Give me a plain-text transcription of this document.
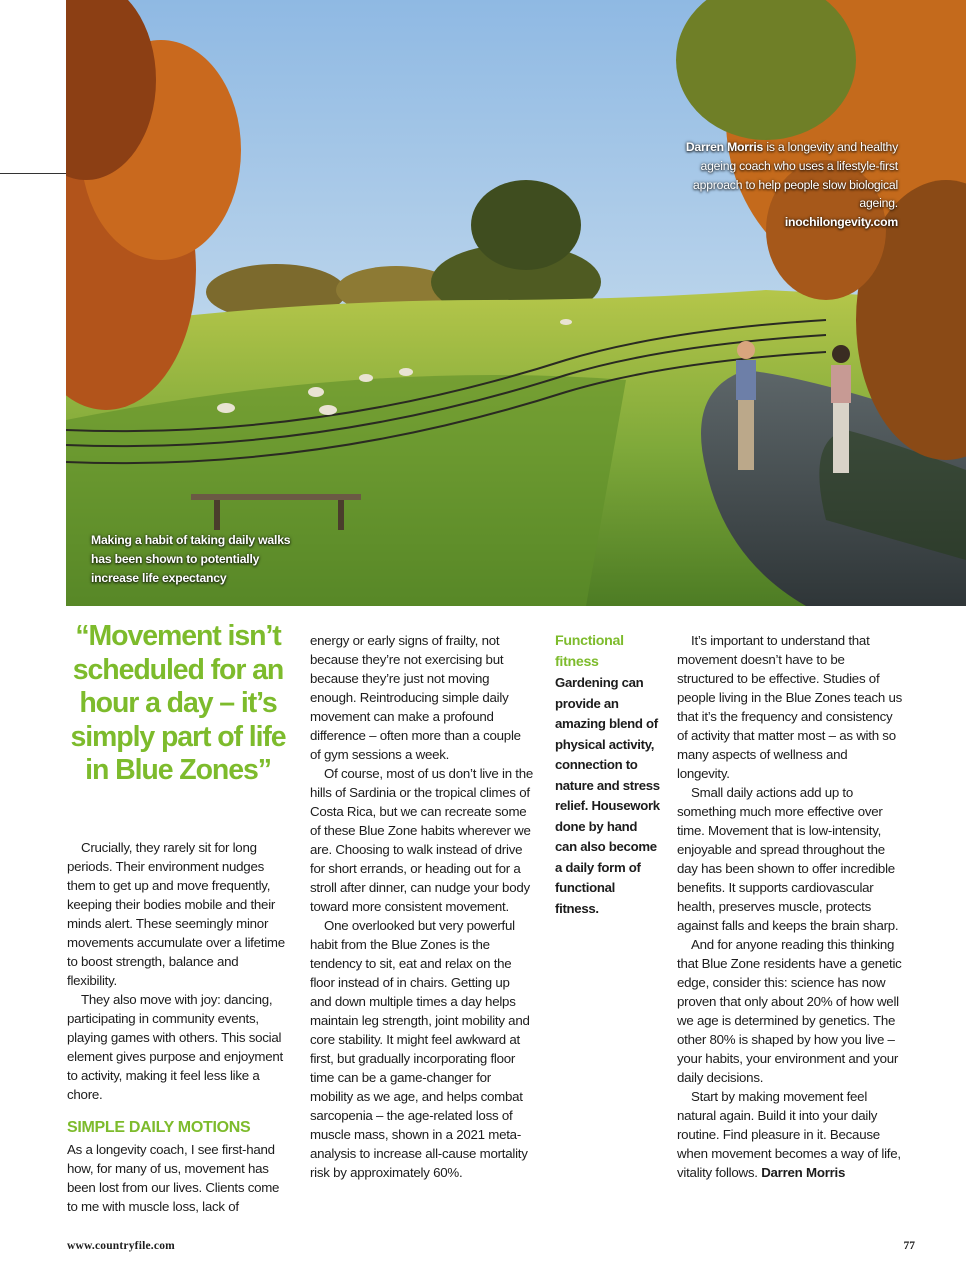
Darren Morris is a longevity and healthy ageing coach who uses a lifestyle-first approach to help people slow biological ageing.
inochilongevity.com
Making a habit of taking daily walks has been shown to potentially increase life expectancy
“Movement isn’t scheduled for an hour a day – it’s simply part of life in Blue Zones”

Crucially, they rarely sit for long periods. Their environment nudges them to get up and move frequently, keeping their bodies mobile and their minds alert. These seemingly minor movements accumulate over a lifetime to boost strength, balance and flexibility.

They also move with joy: dancing, participating in community events, playing games with others. This social element gives purpose and enjoyment to activity, making it feel less like a chore.

SIMPLE DAILY MOTIONS

As a longevity coach, I see first-hand how, for many of us, movement has been lost from our lives. Clients come to me with muscle loss, lack of

energy or early signs of frailty, not because they’re not exercising but because they’re just not moving enough. Reintroducing simple daily movement can make a profound difference – often more than a couple of gym sessions a week.

Of course, most of us don’t live in the hills of Sardinia or the tropical climes of Costa Rica, but we can recreate some of these Blue Zone habits wherever we are. Choosing to walk instead of drive for short errands, or heading out for a stroll after dinner, can nudge your body toward more consistent movement.

One overlooked but very powerful habit from the Blue Zones is the tendency to sit, eat and relax on the floor instead of in chairs. Getting up and down multiple times a day helps maintain leg strength, joint mobility and core stability. It might feel awkward at first, but gradually incorporating floor time can be a game-changer for mobility as we age, and helps combat sarcopenia – the age-related loss of muscle mass, shown in a 2021 meta-analysis to increase all-cause mortality risk by approximately 60%.

Functional fitness
Gardening can provide an amazing blend of physical activity, connection to nature and stress relief. Housework done by hand can also become a daily form of functional fitness.

It’s important to understand that movement doesn’t have to be structured to be effective. Studies of people living in the Blue Zones teach us that it’s the frequency and consistency of activity that matter most – as with so many aspects of wellness and longevity.

Small daily actions add up to something much more effective over time. Movement that is low-intensity, enjoyable and spread throughout the day has been shown to offer incredible benefits. It supports cardiovascular health, preserves muscle, protects against falls and keeps the brain sharp.

And for anyone reading this thinking that Blue Zone residents have a genetic edge, consider this: science has now proven that only about 20% of how well we age is determined by genetics. The other 80% is shaped by how you live – your habits, your environment and your daily decisions.

Start by making movement feel natural again. Build it into your daily routine. Find pleasure in it. Because when movement becomes a way of life, vitality follows. Darren Morris

www.countryfile.com	77
